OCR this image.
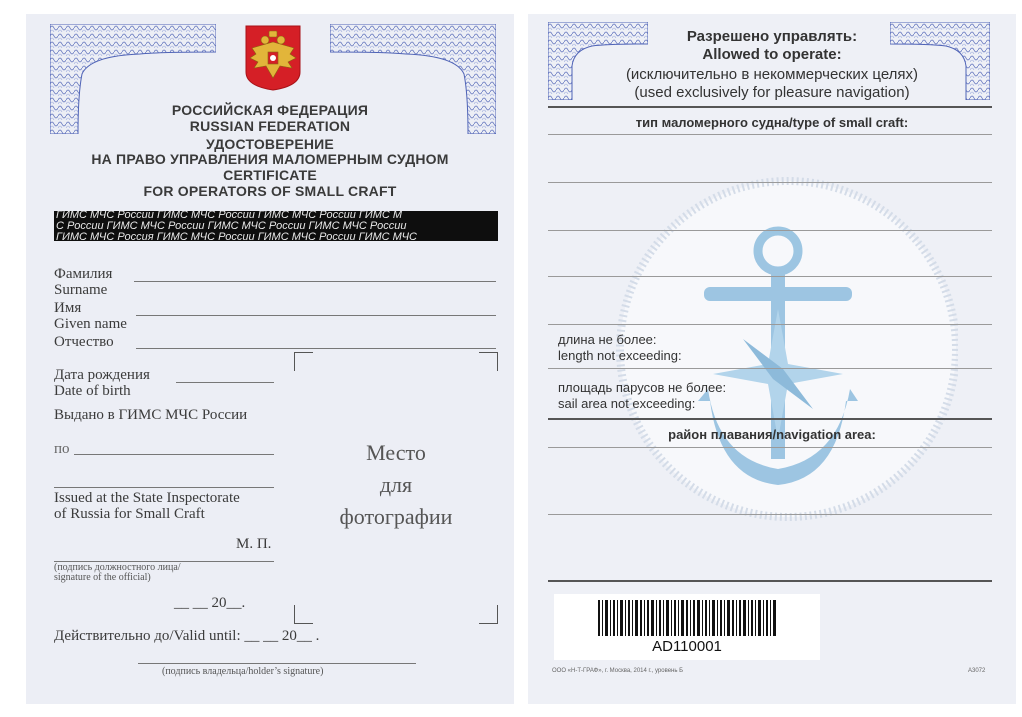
РОССИЙСКАЯ ФЕДЕРАЦИЯ
RUSSIAN FEDERATION
УДОСТОВЕРЕНИЕ
НА ПРАВО УПРАВЛЕНИЯ МАЛОМЕРНЫМ СУДНОМ
CERTIFICATE
FOR OPERATORS OF SMALL CRAFT
ГИМС МЧС России ГИМС МЧС России ГИМС МЧС России ГИМС М
С России ГИМС МЧС России ГИМС МЧС России ГИМС МЧС России
ГИМС МЧС Россия ГИМС МЧС России ГИМС МЧС России ГИМС МЧС
Фамилия
Surname
Имя
Given name
Отчество
Дата рождения
Date of birth
Выдано в ГИМС МЧС России
по
Issued at the State Inspectorate
of Russia for Small Craft
М. П.
(подпись должностного лица/
signature of the official)
__ __ 20__.
Действительно до/Valid until: __ __ 20__ .
(подпись владельца/holder’s signature)
Место
для
фотографии
Разрешено управлять:
Allowed to operate:
(исключительно в некоммерческих целях)
(used exclusively for pleasure navigation)
тип маломерного судна/type of small craft:
длина не более:
length not exceeding:
площадь парусов не более:
sail area not exceeding:
район плавания/navigation area:
AD110001
ООО «Н-Т-ГРАФ», г. Москва, 2014 г., уровень Б	A3072
